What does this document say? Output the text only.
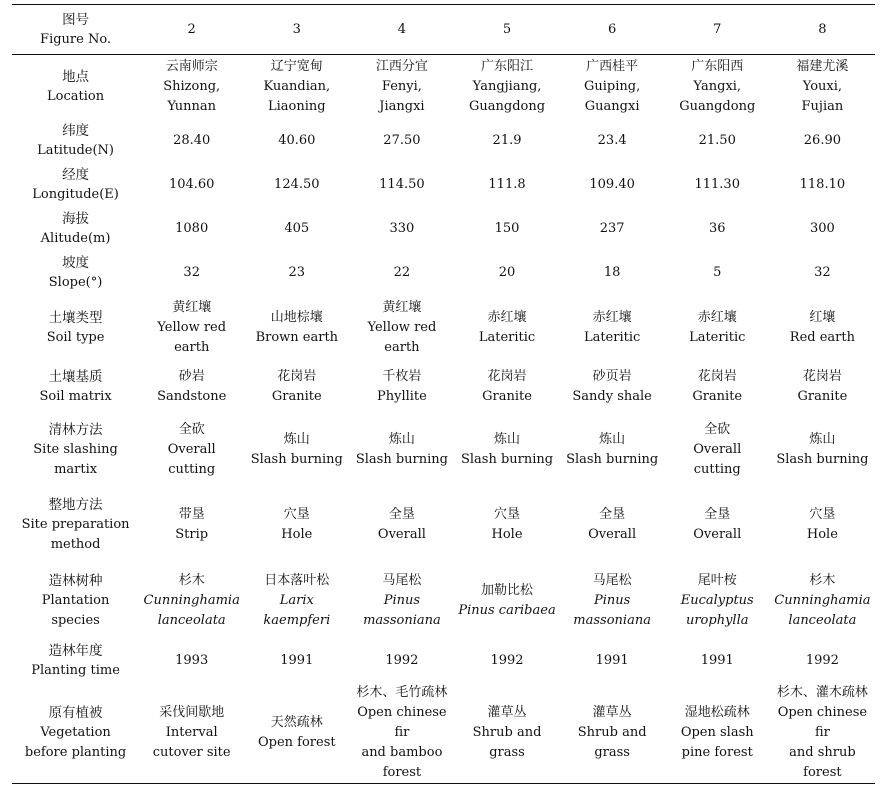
图号
Figure No.	2	3	4	5	6	7	8

地点
Location	云南师宗
Shizong,
Yunnan	辽宁宽甸
Kuandian,
Liaoning	江西分宜
Fenyi,
Jiangxi	广东阳江
Yangjiang,
Guangdong	广西桂平
Guiping,
Guangxi	广东阳西
Yangxi,
Guangdong	福建尤溪
Youxi,
Fujian

纬度
Latitude(N)	28.40	40.60	27.50	21.9	23.4	21.50	26.90

经度
Longitude(E)	104.60	124.50	114.50	111.8	109.40	111.30	118.10

海拔
Alitude(m)	1080	405	330	150	237	36	300

坡度
Slope(°)	32	23	22	20	18	5	32

土壤类型
Soil type	黄红壤
Yellow red
earth	山地棕壤
Brown earth	黄红壤
Yellow red
earth	赤红壤
Lateritic	赤红壤
Lateritic	赤红壤
Lateritic	红壤
Red earth

土壤基质
Soil matrix	砂岩
Sandstone	花岗岩
Granite	千枚岩
Phyllite	花岗岩
Granite	砂页岩
Sandy shale	花岗岩
Granite	花岗岩
Granite

清林方法
Site slashing
martix	全砍
Overall
cutting	炼山
Slash burning	炼山
Slash burning	炼山
Slash burning	炼山
Slash burning	全砍
Overall
cutting	炼山
Slash burning

整地方法
Site preparation
method	带垦
Strip	穴垦
Hole	全垦
Overall	穴垦
Hole	全垦
Overall	全垦
Overall	穴垦
Hole

造林树种
Plantation
species	杉木
Cunninghamia
lanceolata	日本落叶松
Larix
kaempferi	马尾松
Pinus
massoniana	加勒比松
Pinus caribaea	马尾松
Pinus
massoniana	尾叶桉
Eucalyptus
urophylla	杉木
Cunninghamia
lanceolata

造林年度
Planting time	1993	1991	1992	1992	1991	1991	1992

原有植被
Vegetation
before planting	采伐间歇地
Interval
cutover site	天然疏林
Open forest	杉木、毛竹疏林
Open chinese fir
and bamboo
forest	灌草丛
Shrub and
grass	灌草丛
Shrub and
grass	湿地松疏林
Open slash
pine forest	杉木、灌木疏林
Open chinese fir
and shrub forest
